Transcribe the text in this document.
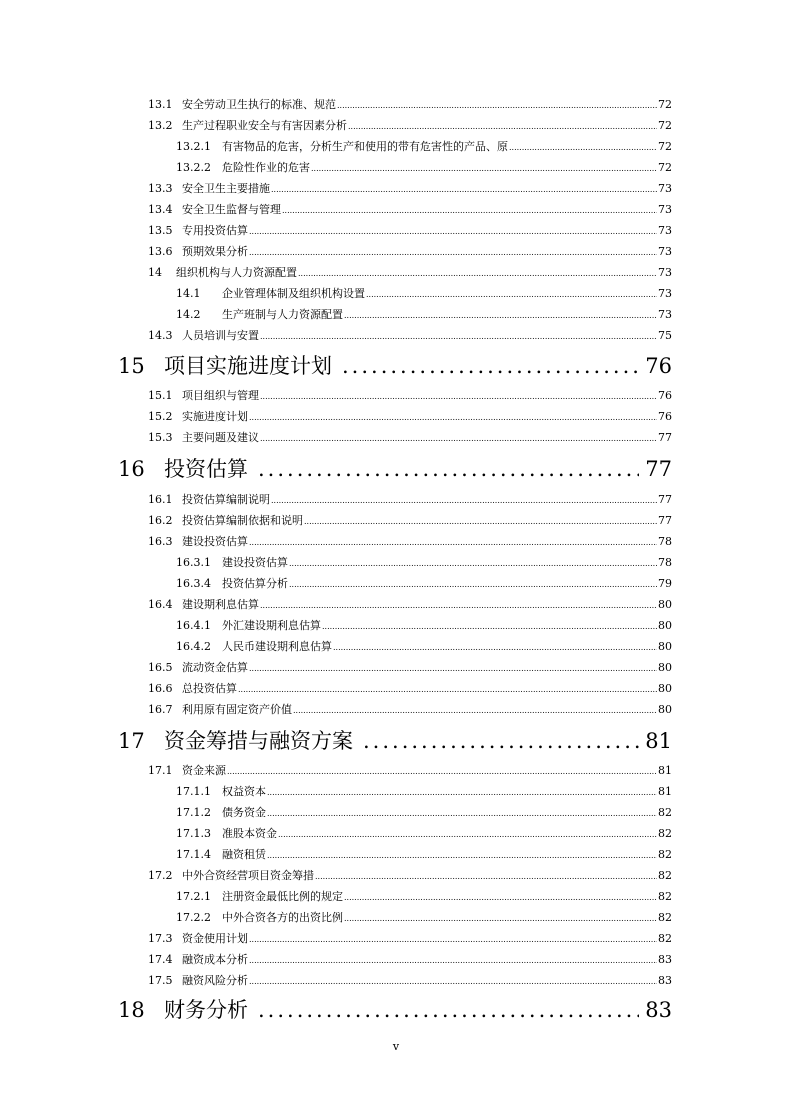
13.1 安全劳动卫生执行的标准、规范 .....	72
13.2 生产过程职业安全与有害因素分析 .....	72
13.2.1	有害物品的危害，分析生产和使用的带有危害性的产品、原 .....	72
13.2.2	危险性作业的危害 .....	72
13.3 安全卫生主要措施 .....	73
13.4 安全卫生监督与管理 .....	73
13.5 专用投资估算 .....	73
13.6 预期效果分析 .....	73
14	组织机构与人力资源配置 .....	73
14.1	企业管理体制及组织机构设置 .....	73
14.2	生产班制与人力资源配置 .....	73
14.3 人员培训与安置 .....	75
15 项目实施进度计划 .....	76
15.1 项目组织与管理 .....	76
15.2 实施进度计划 .....	76
15.3 主要问题及建议 .....	77
16 投资估算 .....	77
16.1 投资估算编制说明 .....	77
16.2 投资估算编制依据和说明 .....	77
16.3 建设投资估算 .....	78
16.3.1	建设投资估算 .....	78
16.3.4	投资估算分析 .....	79
16.4 建设期利息估算 .....	80
16.4.1	外汇建设期利息估算 .....	80
16.4.2	人民币建设期利息估算 .....	80
16.5 流动资金估算 .....	80
16.6 总投资估算 .....	80
16.7 利用原有固定资产价值 .....	80
17 资金筹措与融资方案 .....	81
17.1 资金来源 .....	81
17.1.1	权益资本 .....	81
17.1.2	债务资金 .....	82
17.1.3	准股本资金 .....	82
17.1.4	融资租赁 .....	82
17.2 中外合资经营项目资金筹措 .....	82
17.2.1	注册资金最低比例的规定 .....	82
17.2.2	中外合资各方的出资比例 .....	82
17.3 资金使用计划 .....	82
17.4 融资成本分析 .....	83
17.5 融资风险分析 .....	83
18 财务分析 .....	83
v
